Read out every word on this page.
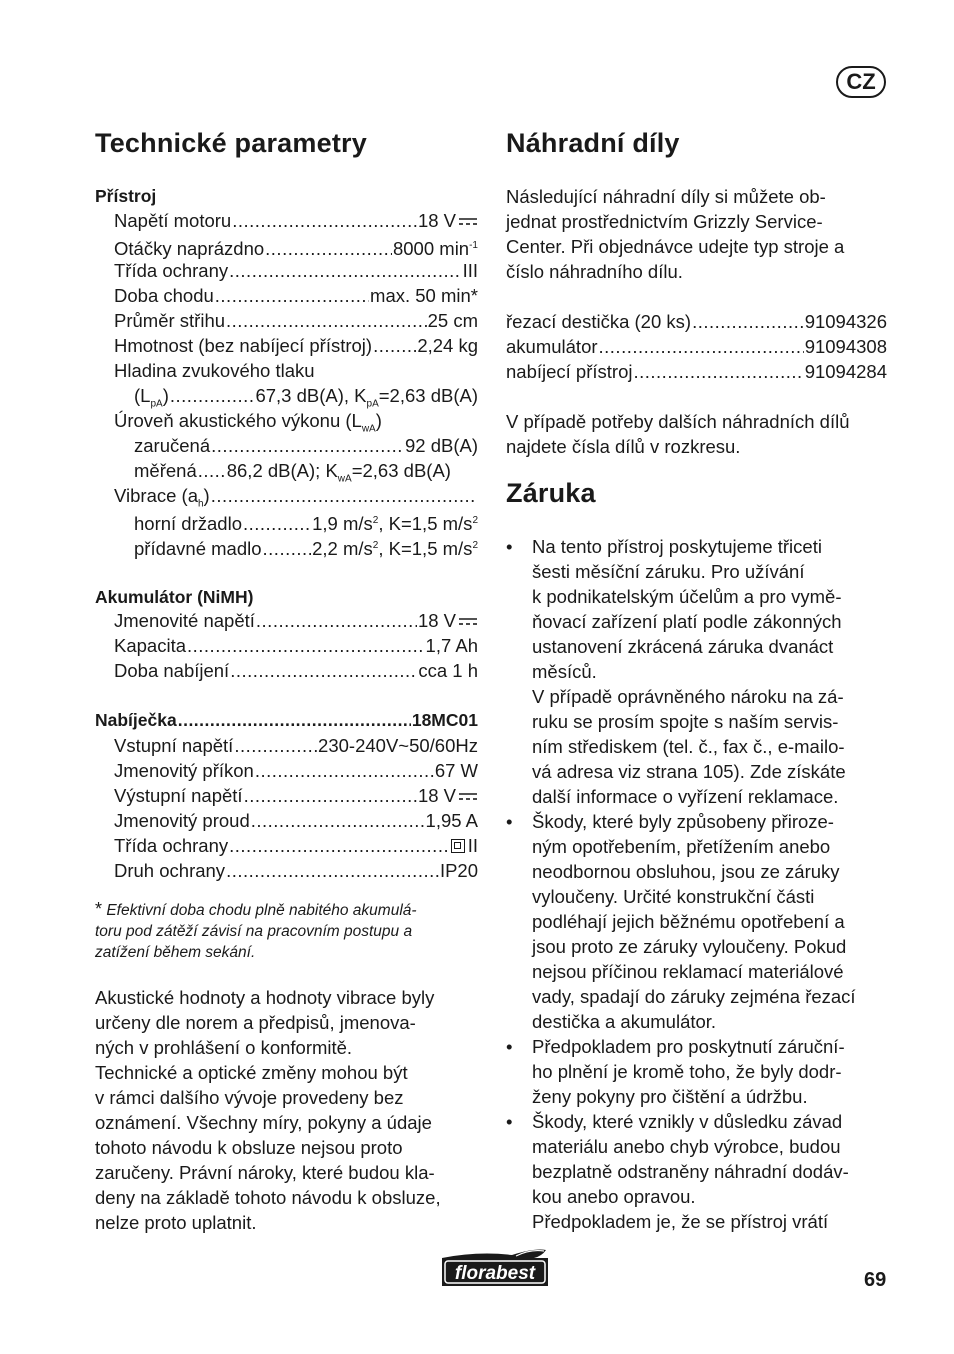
CZ
Technické parametry
Přístroj
Napětí motoru .....	18 V
Otáčky naprázdno .....	8000 $\min^{-1}$
Třída ochrany .....	III
Doba chodu .....	max. 50 min*
Průměr střihu .....	25 cm
Hmotnost (bez nabíjecí přístroj) ..... 2,24 kg
Hladina zvukového tlaku
$(L_{pA})$ .....	67,3 dB(A), $K_{pA}=2,63$ dB(A)
Úroveň akustického výkonu $(L_{wA})$
zaručená .....	92 dB(A)
měřená ..... 86,2 dB(A); $K_{wA}=2,63$ dB(A)
Vibrace $(a_h)$
.....
horní držadlo .....	1,9 $m/s^2$, K=1,5 $m/s^2$
přídavné madlo .....	2,2 $m/s^2$, K=1,5 $m/s^2$
Akumulátor (NiMH)
Jmenovité napětí .....	18 V
Kapacita .....	1,7 Ah
Doba nabíjení .....	cca 1 h
Nabíječka .....	18MC01
Vstupní napětí .....	230-240V~50/60Hz
Jmenovitý příkon .....	67 W
Výstupní napětí .....	18 V
Jmenovitý proud .....	1,95 A
Třída ochrany .....	II
Druh ochrany .....	IP20
* Efektivní doba chodu plně nabitého akumulá-
toru pod zátěží závisí na pracovním postupu a
zatížení během sekání.
Akustické hodnoty a hodnoty vibrace byly
určeny dle norem a předpisů, jmenova-
ných v prohlášení o konformitě.
Technické a optické změny mohou být
v rámci dalšího vývoje provedeny bez
oznámení. Všechny míry, pokyny a údaje
tohoto návodu k obsluze nejsou proto
zaručeny. Právní nároky, které budou kla-
deny na základě tohoto návodu k obsluze,
nelze proto uplatnit.
Náhradní díly
Následující náhradní díly si můžete ob-
jednat prostřednictvím Grizzly Service-
Center. Při objednávce udejte typ stroje a
číslo náhradního dílu.
řezací destička (20 ks) .....	91094326
akumulátor .....	91094308
nabíjecí přístroj .....	91094284
V případě potřeby dalších náhradních dílů
najdete čísla dílů v rozkresu.
Záruka
• Na tento přístroj poskytujeme třiceti
šesti měsíční záruku. Pro užívání
k podnikatelským účelům a pro vymě-
ňovací zařízení platí podle zákonných
ustanovení zkrácená záruka dvanáct
měsíců.
V případě oprávněného nároku na zá-
ruku se prosím spojte s naším servis-
ním střediskem (tel. č., fax č., e-mailo-
vá adresa viz strana 105). Zde získáte
další informace o vyřízení reklamace.
• Škody, které byly způsobeny přiroze-
ným opotřebením, přetížením anebo
neodbornou obsluhou, jsou ze záruky
vyloučeny. Určité konstrukční části
podléhají jejich běžnému opotřebení a
jsou proto ze záruky vyloučeny. Pokud
nejsou příčinou reklamací materiálové
vady, spadají do záruky zejména řezací
destička a akumulátor.
• Předpokladem pro poskytnutí záruční-
ho plnění je kromě toho, že byly dodr-
ženy pokyny pro čištění a údržbu.
• Škody, které vznikly v důsledku závad
materiálu anebo chyb výrobce, budou
bezplatně odstraněny náhradní dodáv-
kou anebo opravou.
Předpokladem je, že se přístroj vrátí
florabest	69
